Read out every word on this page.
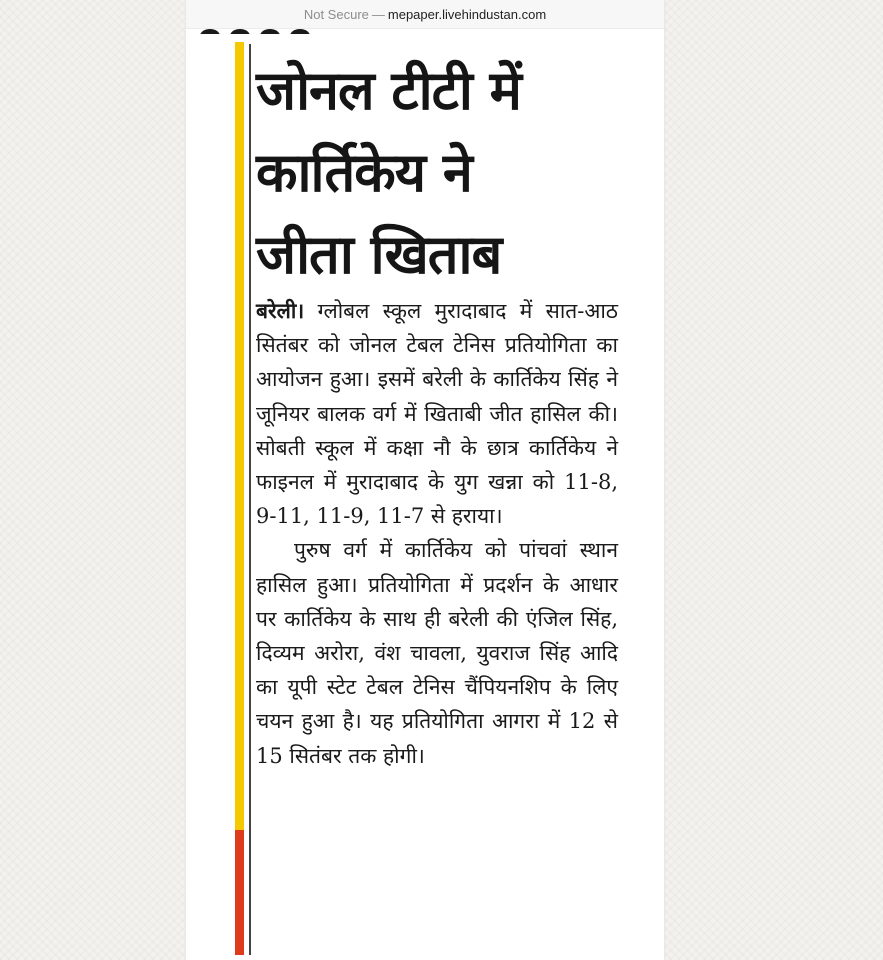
Not Secure — mepaper.livehindustan.com
जोनल टीटी में
कार्तिकेय ने
जीता खिताब

बरेली। ग्लोबल स्कूल मुरादाबाद में सात-आठ सितंबर को जोनल टेबल टेनिस प्रतियोगिता का आयोजन हुआ। इसमें बरेली के कार्तिकेय सिंह ने जूनियर बालक वर्ग में खिताबी जीत हासिल की। सोबती स्कूल में कक्षा नौ के छात्र कार्तिकेय ने फाइनल में मुरादाबाद के युग खन्ना को 11-8, 9-11, 11-9, 11-7 से हराया।

पुरुष वर्ग में कार्तिकेय को पांचवां स्थान हासिल हुआ। प्रतियोगिता में प्रदर्शन के आधार पर कार्तिकेय के साथ ही बरेली की एंजिल सिंह, दिव्यम अरोरा, वंश चावला, युवराज सिंह आदि का यूपी स्टेट टेबल टेनिस चैंपियनशिप के लिए चयन हुआ है। यह प्रतियोगिता आगरा में 12 से 15 सितंबर तक होगी।
